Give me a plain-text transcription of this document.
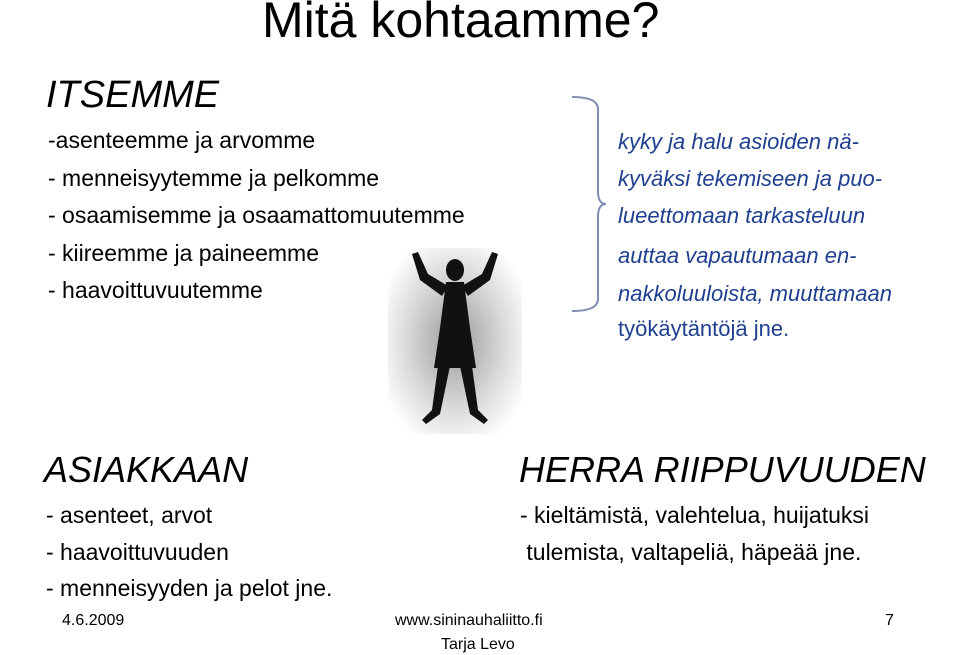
Mitä kohtaamme?
ITSEMME
-asenteemme ja arvomme
- menneisyytemme ja pelkomme
- osaamisemme ja osaamattomuutemme
- kiireemme ja paineemme
- haavoittuvuutemme
kyky ja halu asioiden nä-
kyväksi tekemiseen ja puo-
lueettomaan tarkasteluun
auttaa vapautumaan en-
nakkoluuloista, muuttamaan
työkäytäntöjä jne.
ASIAKKAAN
- asenteet, arvot
- haavoittuvuuden
- menneisyyden ja pelot jne.
HERRA RIIPPUVUUDEN
- kieltämistä, valehtelua, huijatuksi
tulemista, valtapeliä, häpeää jne.
4.6.2009	www.sininauhaliitto.fi
Tarja Levo
7
